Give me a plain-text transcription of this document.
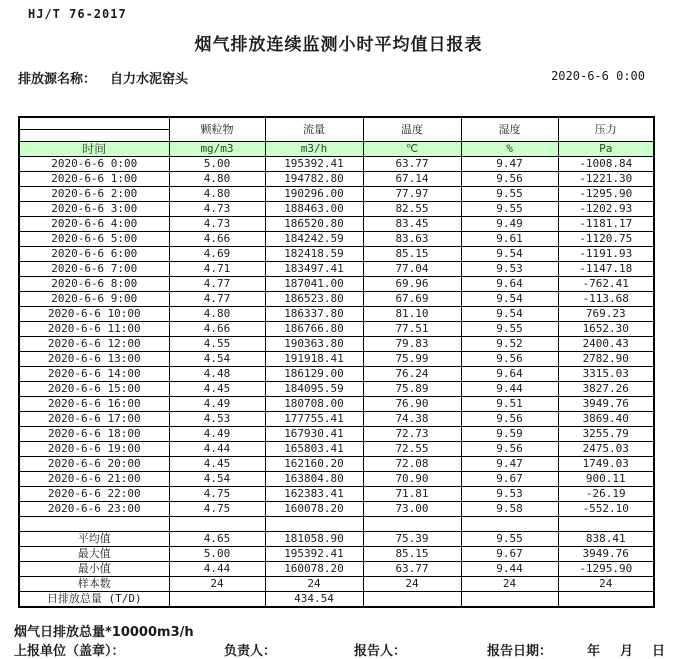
HJ/T 76-2017
烟气排放连续监测小时平均值日报表
排放源名称： 自力水泥窑头	2020-6-6 0:00
	颗粒物	流量	温度	湿度	压力

时间	mg/m3	m3/h	℃	%	Pa
2020-6-6 0:00	5.00	195392.41	63.77	9.47	-1008.84
2020-6-6 1:00	4.80	194782.80	67.14	9.56	-1221.30
2020-6-6 2:00	4.80	190296.00	77.97	9.55	-1295.90
2020-6-6 3:00	4.73	188463.00	82.55	9.55	-1202.93
2020-6-6 4:00	4.73	186520.80	83.45	9.49	-1181.17
2020-6-6 5:00	4.66	184242.59	83.63	9.61	-1120.75
2020-6-6 6:00	4.69	182418.59	85.15	9.54	-1191.93
2020-6-6 7:00	4.71	183497.41	77.04	9.53	-1147.18
2020-6-6 8:00	4.77	187041.00	69.96	9.64	-762.41
2020-6-6 9:00	4.77	186523.80	67.69	9.54	-113.68
2020-6-6 10:00	4.80	186337.80	81.10	9.54	769.23
2020-6-6 11:00	4.66	186766.80	77.51	9.55	1652.30
2020-6-6 12:00	4.55	190363.80	79.83	9.52	2400.43
2020-6-6 13:00	4.54	191918.41	75.99	9.56	2782.90
2020-6-6 14:00	4.48	186129.00	76.24	9.64	3315.03
2020-6-6 15:00	4.45	184095.59	75.89	9.44	3827.26
2020-6-6 16:00	4.49	180708.00	76.90	9.51	3949.76
2020-6-6 17:00	4.53	177755.41	74.38	9.56	3869.40
2020-6-6 18:00	4.49	167930.41	72.73	9.59	3255.79
2020-6-6 19:00	4.44	165803.41	72.55	9.56	2475.03
2020-6-6 20:00	4.45	162160.20	72.08	9.47	1749.03
2020-6-6 21:00	4.54	163804.80	70.90	9.67	900.11
2020-6-6 22:00	4.75	162383.41	71.81	9.53	-26.19
2020-6-6 23:00	4.75	160078.20	73.00	9.58	-552.10

平均值	4.65	181058.90	75.39	9.55	838.41
最大值	5.00	195392.41	85.15	9.67	3949.76
最小值	4.44	160078.20	63.77	9.44	-1295.90
样本数	24	24	24	24	24
日排放总量 (T/D)		434.54			
烟气日排放总量*10000m3/h
上报单位（盖章）：	负责人：	报告人：	报告日期：	年 月 日
